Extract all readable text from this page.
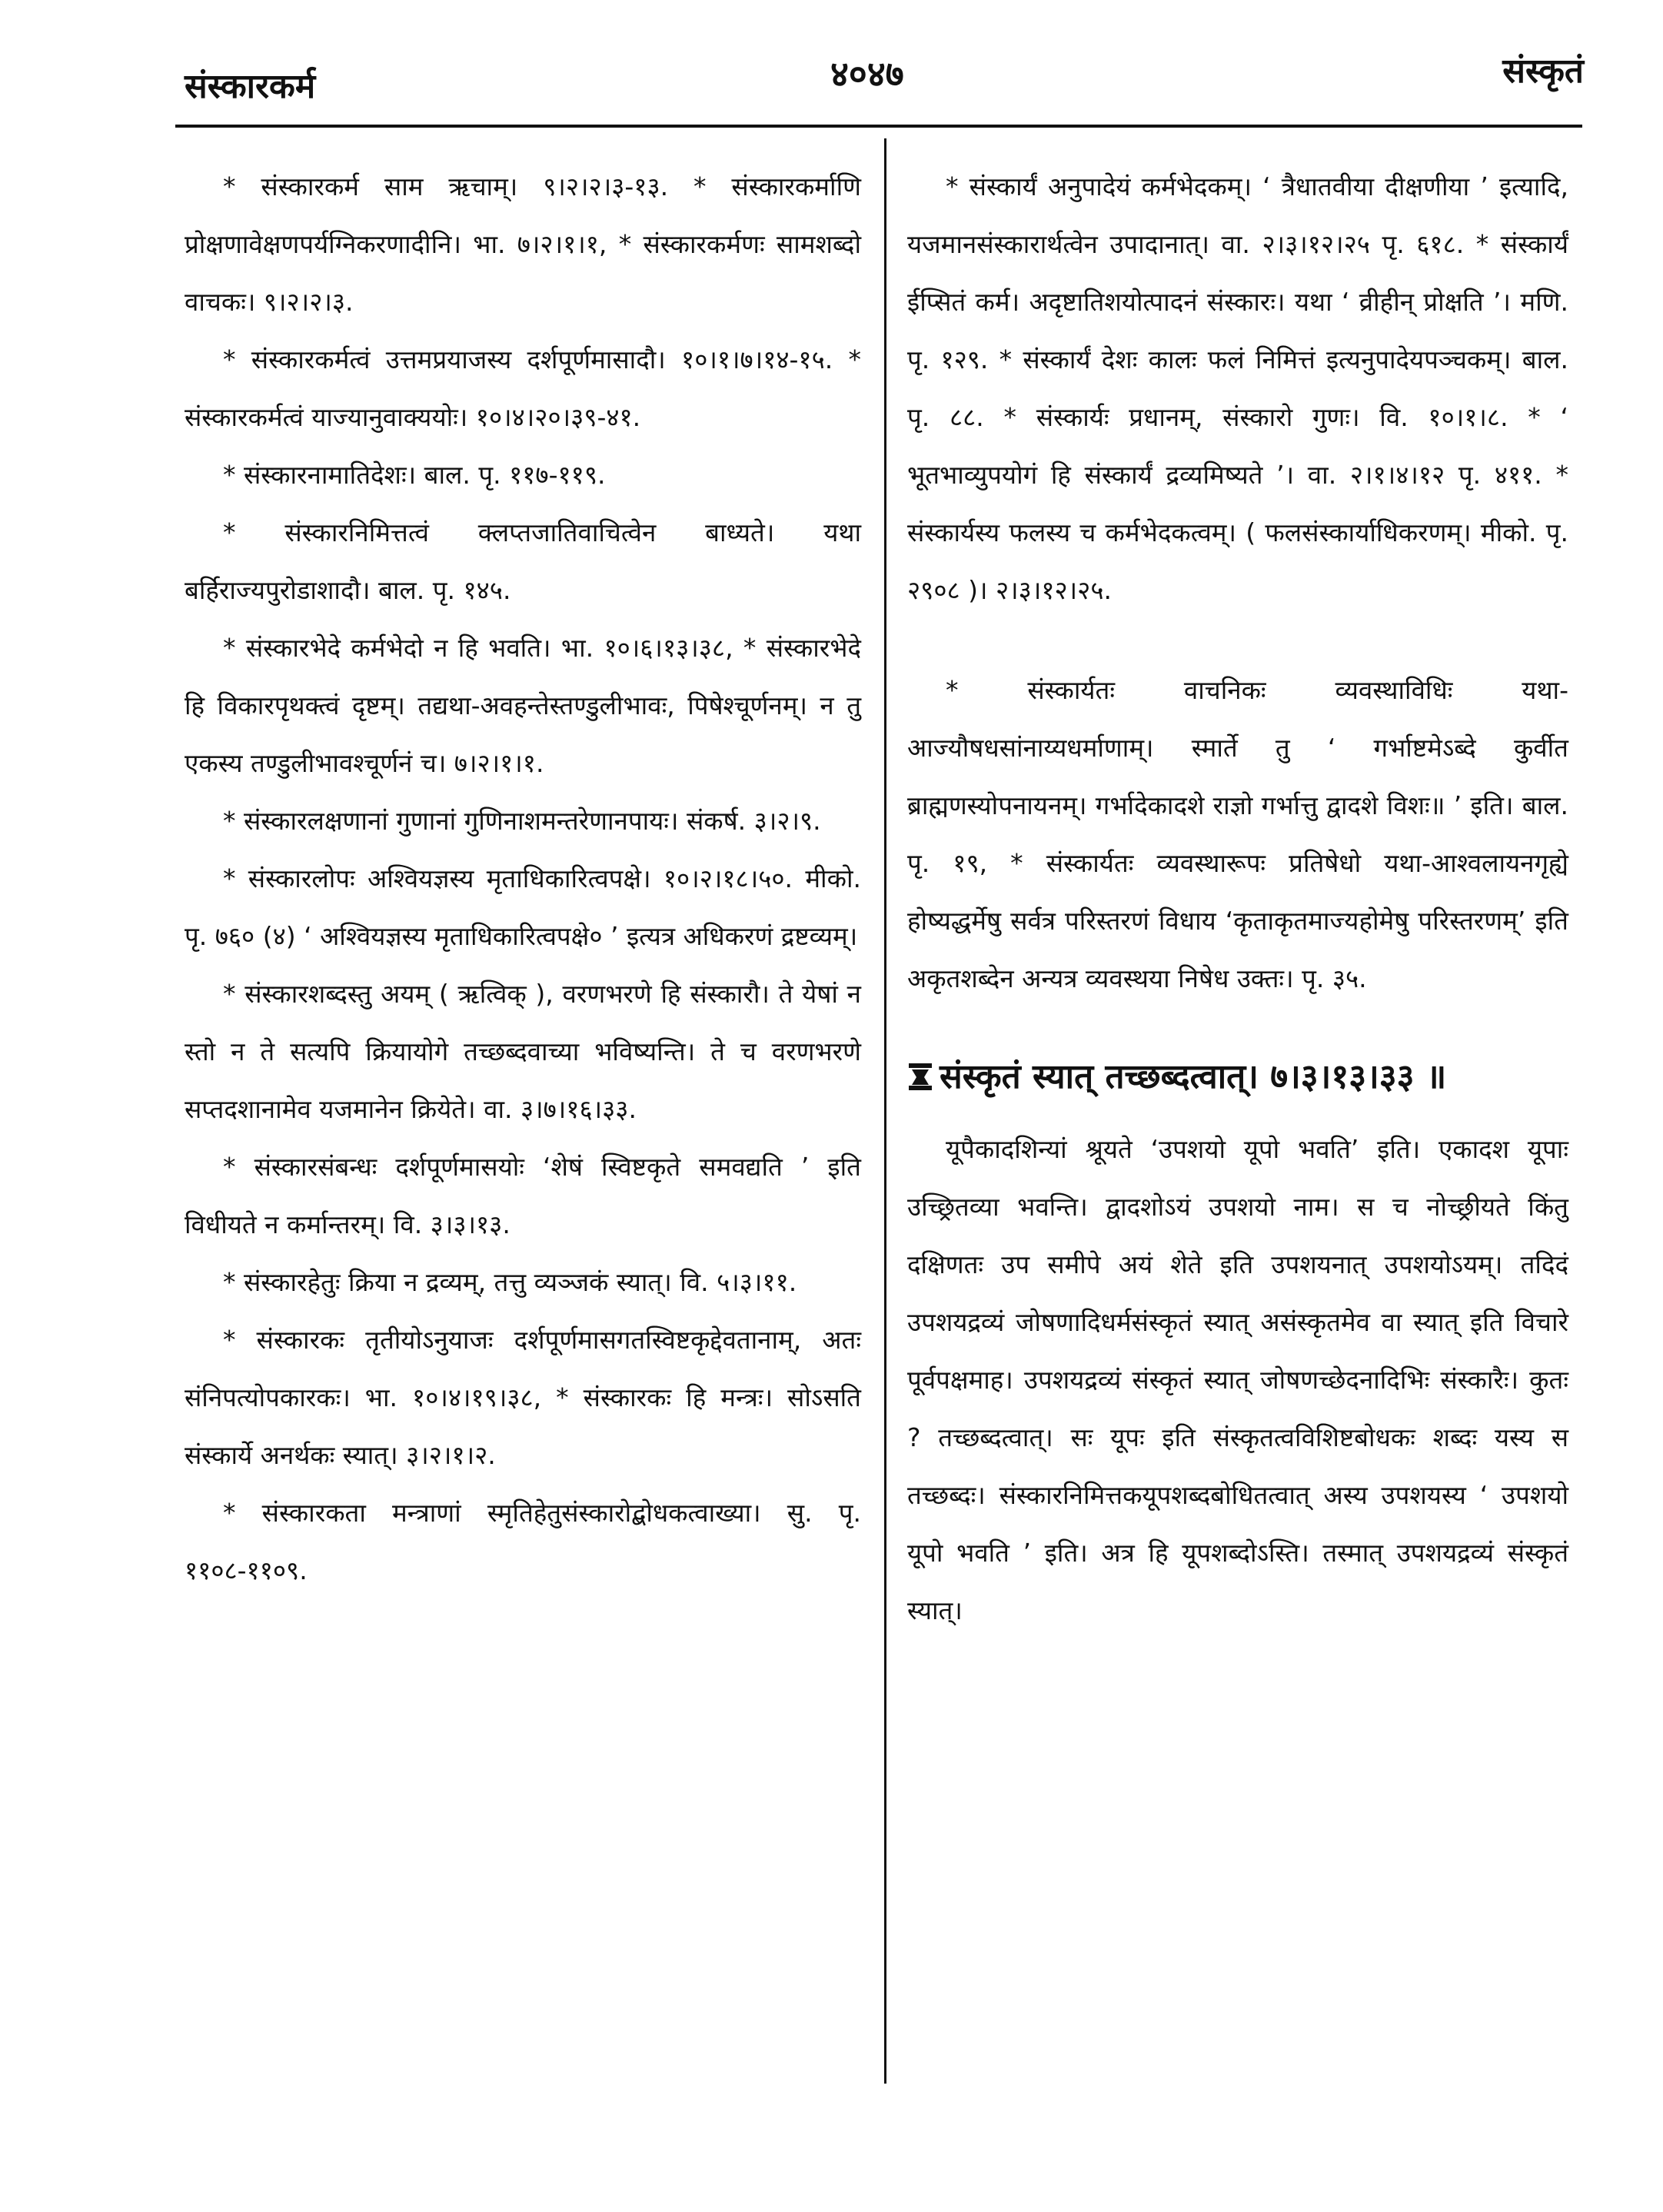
संस्कारकर्म	४०४७	संस्कृतं

* संस्कारकर्म साम ऋचाम्। ९।२।२।३-१३. * संस्कारकर्माणि प्रोक्षणावेक्षणपर्यग्निकरणादीनि। भा. ७।२।१।१, * संस्कारकर्मणः सामशब्दो वाचकः। ९।२।२।३.

* संस्कारकर्मत्वं उत्तमप्रयाजस्य दर्शपूर्णमासादौ। १०।१।७।१४-१५. * संस्कारकर्मत्वं याज्यानुवाक्ययोः। १०।४।२०।३९-४१.

* संस्कारनामातिदेशः। बाल. पृ. ११७-११९.

* संस्कारनिमित्तत्वं क्लप्तजातिवाचित्वेन बाध्यते। यथा बर्हिराज्यपुरोडाशादौ। बाल. पृ. १४५.

* संस्कारभेदे कर्मभेदो न हि भवति। भा. १०।६।१३।३८, * संस्कारभेदे हि विकारपृथक्त्वं दृष्टम्। तद्यथा-अवहन्तेस्तण्डुलीभावः, पिषेश्चूर्णनम्। न तु एकस्य तण्डुलीभावश्चूर्णनं च। ७।२।१।१.

* संस्कारलक्षणानां गुणानां गुणिनाशमन्तरेणानपायः। संकर्ष. ३।२।९.

* संस्कारलोपः अश्वियज्ञस्य मृताधिकारित्वपक्षे। १०।२।१८।५०. मीको. पृ. ७६० (४) ‘ अश्वियज्ञस्य मृताधिकारित्वपक्षे० ’ इत्यत्र अधिकरणं द्रष्टव्यम्।

* संस्कारशब्दस्तु अयम् ( ऋत्विक् ), वरणभरणे हि संस्कारौ। ते येषां न स्तो न ते सत्यपि क्रियायोगे तच्छब्दवाच्या भविष्यन्ति। ते च वरणभरणे सप्तदशानामेव यजमानेन क्रियेते। वा. ३।७।१६।३३.

* संस्कारसंबन्धः दर्शपूर्णमासयोः ‘शेषं स्विष्टकृते समवद्यति ’ इति विधीयते न कर्मान्तरम्। वि. ३।३।१३.

* संस्कारहेतुः क्रिया न द्रव्यम्, तत्तु व्यञ्जकं स्यात्। वि. ५।३।११.

* संस्कारकः तृतीयोऽनुयाजः दर्शपूर्णमासगतस्विष्टकृद्देवतानाम्, अतः संनिपत्योपकारकः। भा. १०।४।१९।३८, * संस्कारकः हि मन्त्रः। सोऽसति संस्कार्ये अनर्थकः स्यात्। ३।२।१।२.

* संस्कारकता मन्त्राणां स्मृतिहेतुसंस्कारोद्बोधकत्वाख्या। सु. पृ. ११०८-११०९.

* संस्कार्यं अनुपादेयं कर्मभेदकम्। ‘ त्रैधातवीया दीक्षणीया ’ इत्यादि, यजमानसंस्कारार्थत्वेन उपादानात्। वा. २।३।१२।२५ पृ. ६१८. * संस्कार्यं ईप्सितं कर्म। अदृष्टातिशयोत्पादनं संस्कारः। यथा ‘ व्रीहीन् प्रोक्षति ’। मणि. पृ. १२९. * संस्कार्यं देशः कालः फलं निमित्तं इत्यनुपादेयपञ्चकम्। बाल. पृ. ८८. * संस्कार्यः प्रधानम्, संस्कारो गुणः। वि. १०।१।८. * ‘ भूतभाव्युपयोगं हि संस्कार्यं द्रव्यमिष्यते ’। वा. २।१।४।१२ पृ. ४११. * संस्कार्यस्य फलस्य च कर्मभेदकत्वम्। ( फलसंस्कार्याधिकरणम्। मीको. पृ. २९०८ )। २।३।१२।२५.

* संस्कार्यतः वाचनिकः व्यवस्थाविधिः यथा-आज्यौषधसांनाय्यधर्माणाम्। स्मार्ते तु ‘ गर्भाष्टमेऽब्दे कुर्वीत ब्राह्मणस्योपनायनम्। गर्भादेकादशे राज्ञो गर्भात्तु द्वादशे विशः॥ ’ इति। बाल. पृ. १९, * संस्कार्यतः व्यवस्थारूपः प्रतिषेधो यथा-आश्वलायनगृह्ये होष्यद्धर्मेषु सर्वत्र परिस्तरणं विधाय ‘कृताकृतमाज्यहोमेषु परिस्तरणम्’ इति अकृतशब्देन अन्यत्र व्यवस्थया निषेध उक्तः। पृ. ३५.

संस्कृतं स्यात् तच्छब्दत्वात्। ७।३।१३।३३ ॥

यूपैकादशिन्यां श्रूयते ‘उपशयो यूपो भवति’ इति। एकादश यूपाः उच्छ्रितव्या भवन्ति। द्वादशोऽयं उपशयो नाम। स च नोच्छ्रीयते किंतु दक्षिणतः उप समीपे अयं शेते इति उपशयनात् उपशयोऽयम्। तदिदं उपशयद्रव्यं जोषणादिधर्मसंस्कृतं स्यात् असंस्कृतमेव वा स्यात् इति विचारे पूर्वपक्षमाह। उपशयद्रव्यं संस्कृतं स्यात् जोषणच्छेदनादिभिः संस्कारैः। कुतः ? तच्छब्दत्वात्। सः यूपः इति संस्कृतत्वविशिष्टबोधकः शब्दः यस्य स तच्छब्दः। संस्कारनिमित्तकयूपशब्दबोधितत्वात् अस्य उपशयस्य ‘ उपशयो यूपो भवति ’ इति। अत्र हि यूपशब्दोऽस्ति। तस्मात् उपशयद्रव्यं संस्कृतं स्यात्।
